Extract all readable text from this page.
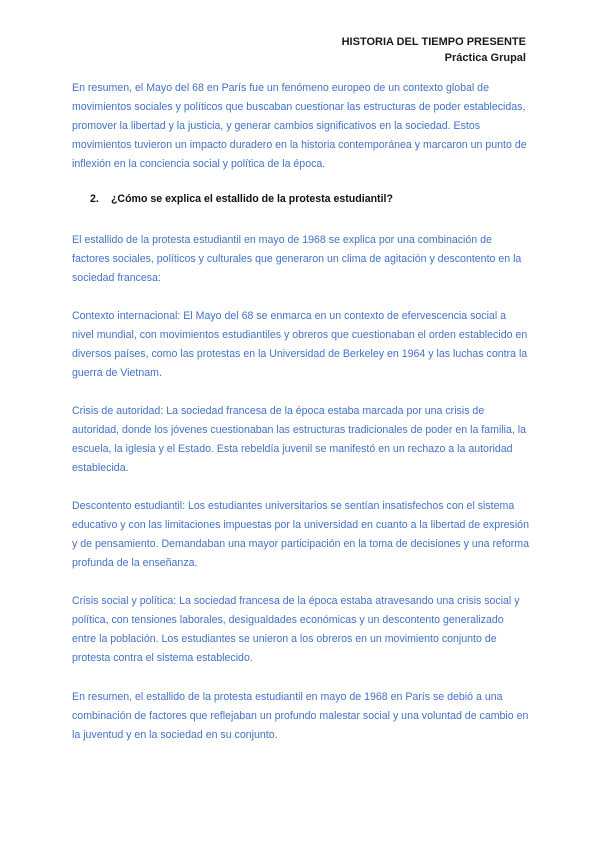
HISTORIA DEL TIEMPO PRESENTE
Práctica Grupal

En resumen, el Mayo del 68 en París fue un fenómeno europeo de un contexto global de movimientos sociales y políticos que buscaban cuestionar las estructuras de poder establecidas, promover la libertad y la justicia, y generar cambios significativos en la sociedad. Estos movimientos tuvieron un impacto duradero en la historia contemporánea y marcaron un punto de inflexión en la conciencia social y política de la época.

2. ¿Cómo se explica el estallido de la protesta estudiantil?

El estallido de la protesta estudiantil en mayo de 1968 se explica por una combinación de factores sociales, políticos y culturales que generaron un clima de agitación y descontento en la sociedad francesa:

Contexto internacional: El Mayo del 68 se enmarca en un contexto de efervescencia social a nivel mundial, con movimientos estudiantiles y obreros que cuestionaban el orden establecido en diversos países, como las protestas en la Universidad de Berkeley en 1964 y las luchas contra la guerra de Vietnam.

Crisis de autoridad: La sociedad francesa de la época estaba marcada por una crisis de autoridad, donde los jóvenes cuestionaban las estructuras tradicionales de poder en la familia, la escuela, la iglesia y el Estado. Esta rebeldía juvenil se manifestó en un rechazo a la autoridad establecida.

Descontento estudiantil: Los estudiantes universitarios se sentían insatisfechos con el sistema educativo y con las limitaciones impuestas por la universidad en cuanto a la libertad de expresión y de pensamiento. Demandaban una mayor participación en la toma de decisiones y una reforma profunda de la enseñanza.

Crisis social y política: La sociedad francesa de la época estaba atravesando una crisis social y política, con tensiones laborales, desigualdades económicas y un descontento generalizado entre la población. Los estudiantes se unieron a los obreros en un movimiento conjunto de protesta contra el sistema establecido.

En resumen, el estallido de la protesta estudiantil en mayo de 1968 en París se debió a una combinación de factores que reflejaban un profundo malestar social y una voluntad de cambio en la juventud y en la sociedad en su conjunto.
